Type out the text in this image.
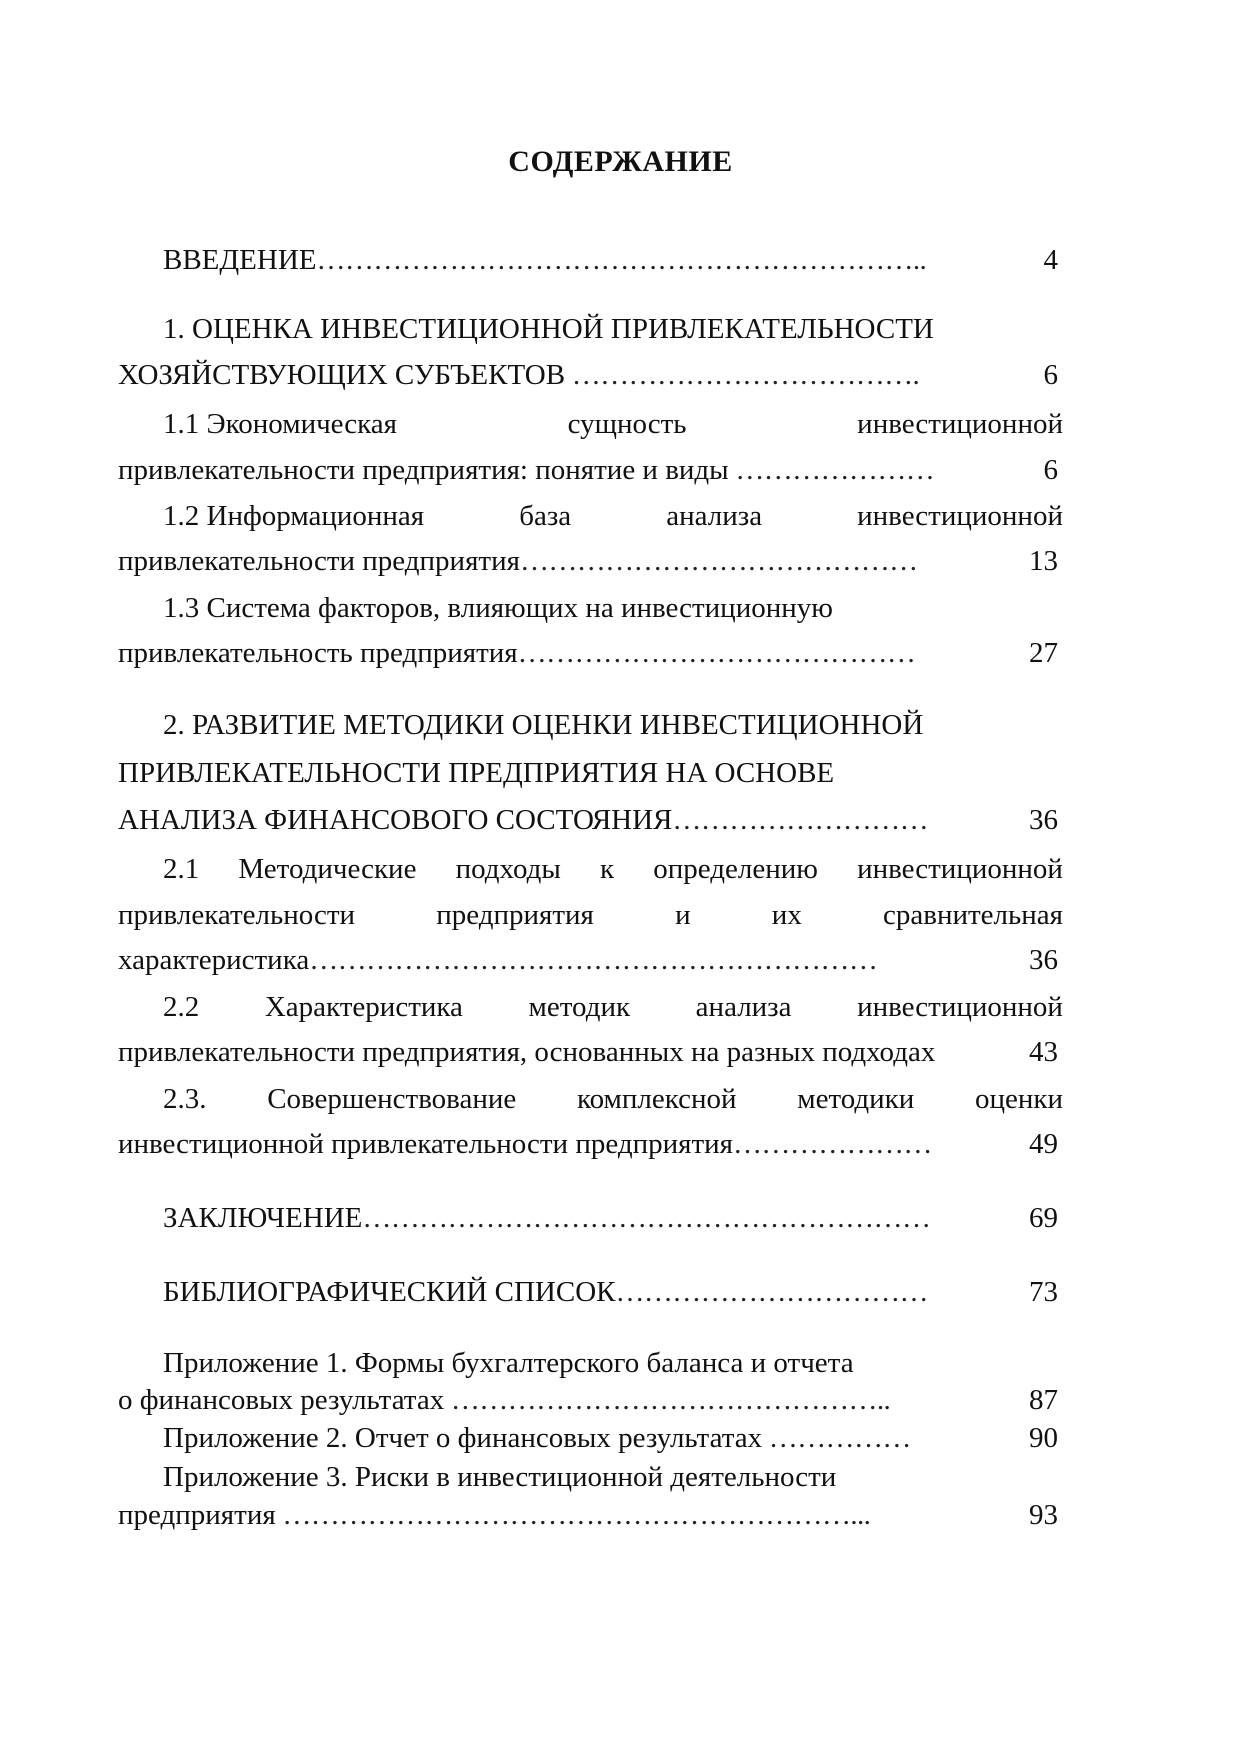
СОДЕРЖАНИЕ
ВВЕДЕНИЕ………………………………………………………..	4
1. ОЦЕНКА ИНВЕСТИЦИОННОЙ ПРИВЛЕКАТЕЛЬНОСТИ
ХОЗЯЙСТВУЮЩИХ СУБЪЕКТОВ ……………………………….	6
1.1 Экономическая	сущность	инвестиционной
привлекательности предприятия: понятие и виды …………………	6
1.2 Информационная	база	анализа	инвестиционной
привлекательности предприятия……………………………………	13
1.3 Система факторов, влияющих на инвестиционную
привлекательность предприятия……………………………………	27
2. РАЗВИТИЕ МЕТОДИКИ ОЦЕНКИ ИНВЕСТИЦИОННОЙ
ПРИВЛЕКАТЕЛЬНОСТИ ПРЕДПРИЯТИЯ НА ОСНОВЕ
АНАЛИЗА ФИНАНСОВОГО СОСТОЯНИЯ………………………	36
2.1 Методические подходы к определению инвестиционной
привлекательности	предприятия	и	их	сравнительная
характеристика……………………………………………………	36
2.2 Характеристика методик анализа инвестиционной
привлекательности предприятия, основанных на разных подходах	43
2.3. Совершенствование комплексной методики оценки
инвестиционной привлекательности предприятия…………………	49
ЗАКЛЮЧЕНИЕ……………………………………………………	69
БИБЛИОГРАФИЧЕСКИЙ СПИСОК……………………………	73
Приложение 1. Формы бухгалтерского баланса и отчета
о финансовых результатах ………………………………………..	87
Приложение 2. Отчет о финансовых результатах ……………	90
Приложение 3. Риски в инвестиционной деятельности
предприятия ……………………………………………………...	93
